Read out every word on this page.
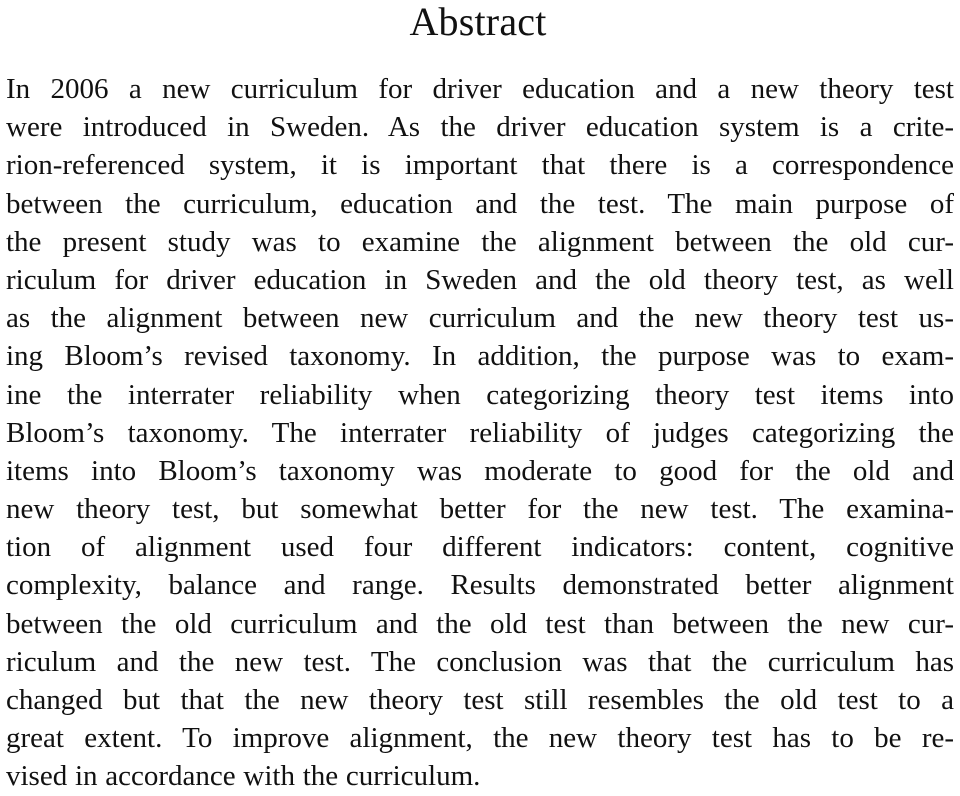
Abstract
In 2006 a new curriculum for driver education and a new theory test
were introduced in Sweden. As the driver education system is a crite-
rion-referenced system, it is important that there is a correspondence
between the curriculum, education and the test. The main purpose of
the present study was to examine the alignment between the old cur-
riculum for driver education in Sweden and the old theory test, as well
as the alignment between new curriculum and the new theory test us-
ing Bloom’s revised taxonomy. In addition, the purpose was to exam-
ine the interrater reliability when categorizing theory test items into
Bloom’s taxonomy. The interrater reliability of judges categorizing the
items into Bloom’s taxonomy was moderate to good for the old and
new theory test, but somewhat better for the new test. The examina-
tion of alignment used four different indicators: content, cognitive
complexity, balance and range. Results demonstrated better alignment
between the old curriculum and the old test than between the new cur-
riculum and the new test. The conclusion was that the curriculum has
changed but that the new theory test still resembles the old test to a
great extent. To improve alignment, the new theory test has to be re-
vised in accordance with the curriculum.
